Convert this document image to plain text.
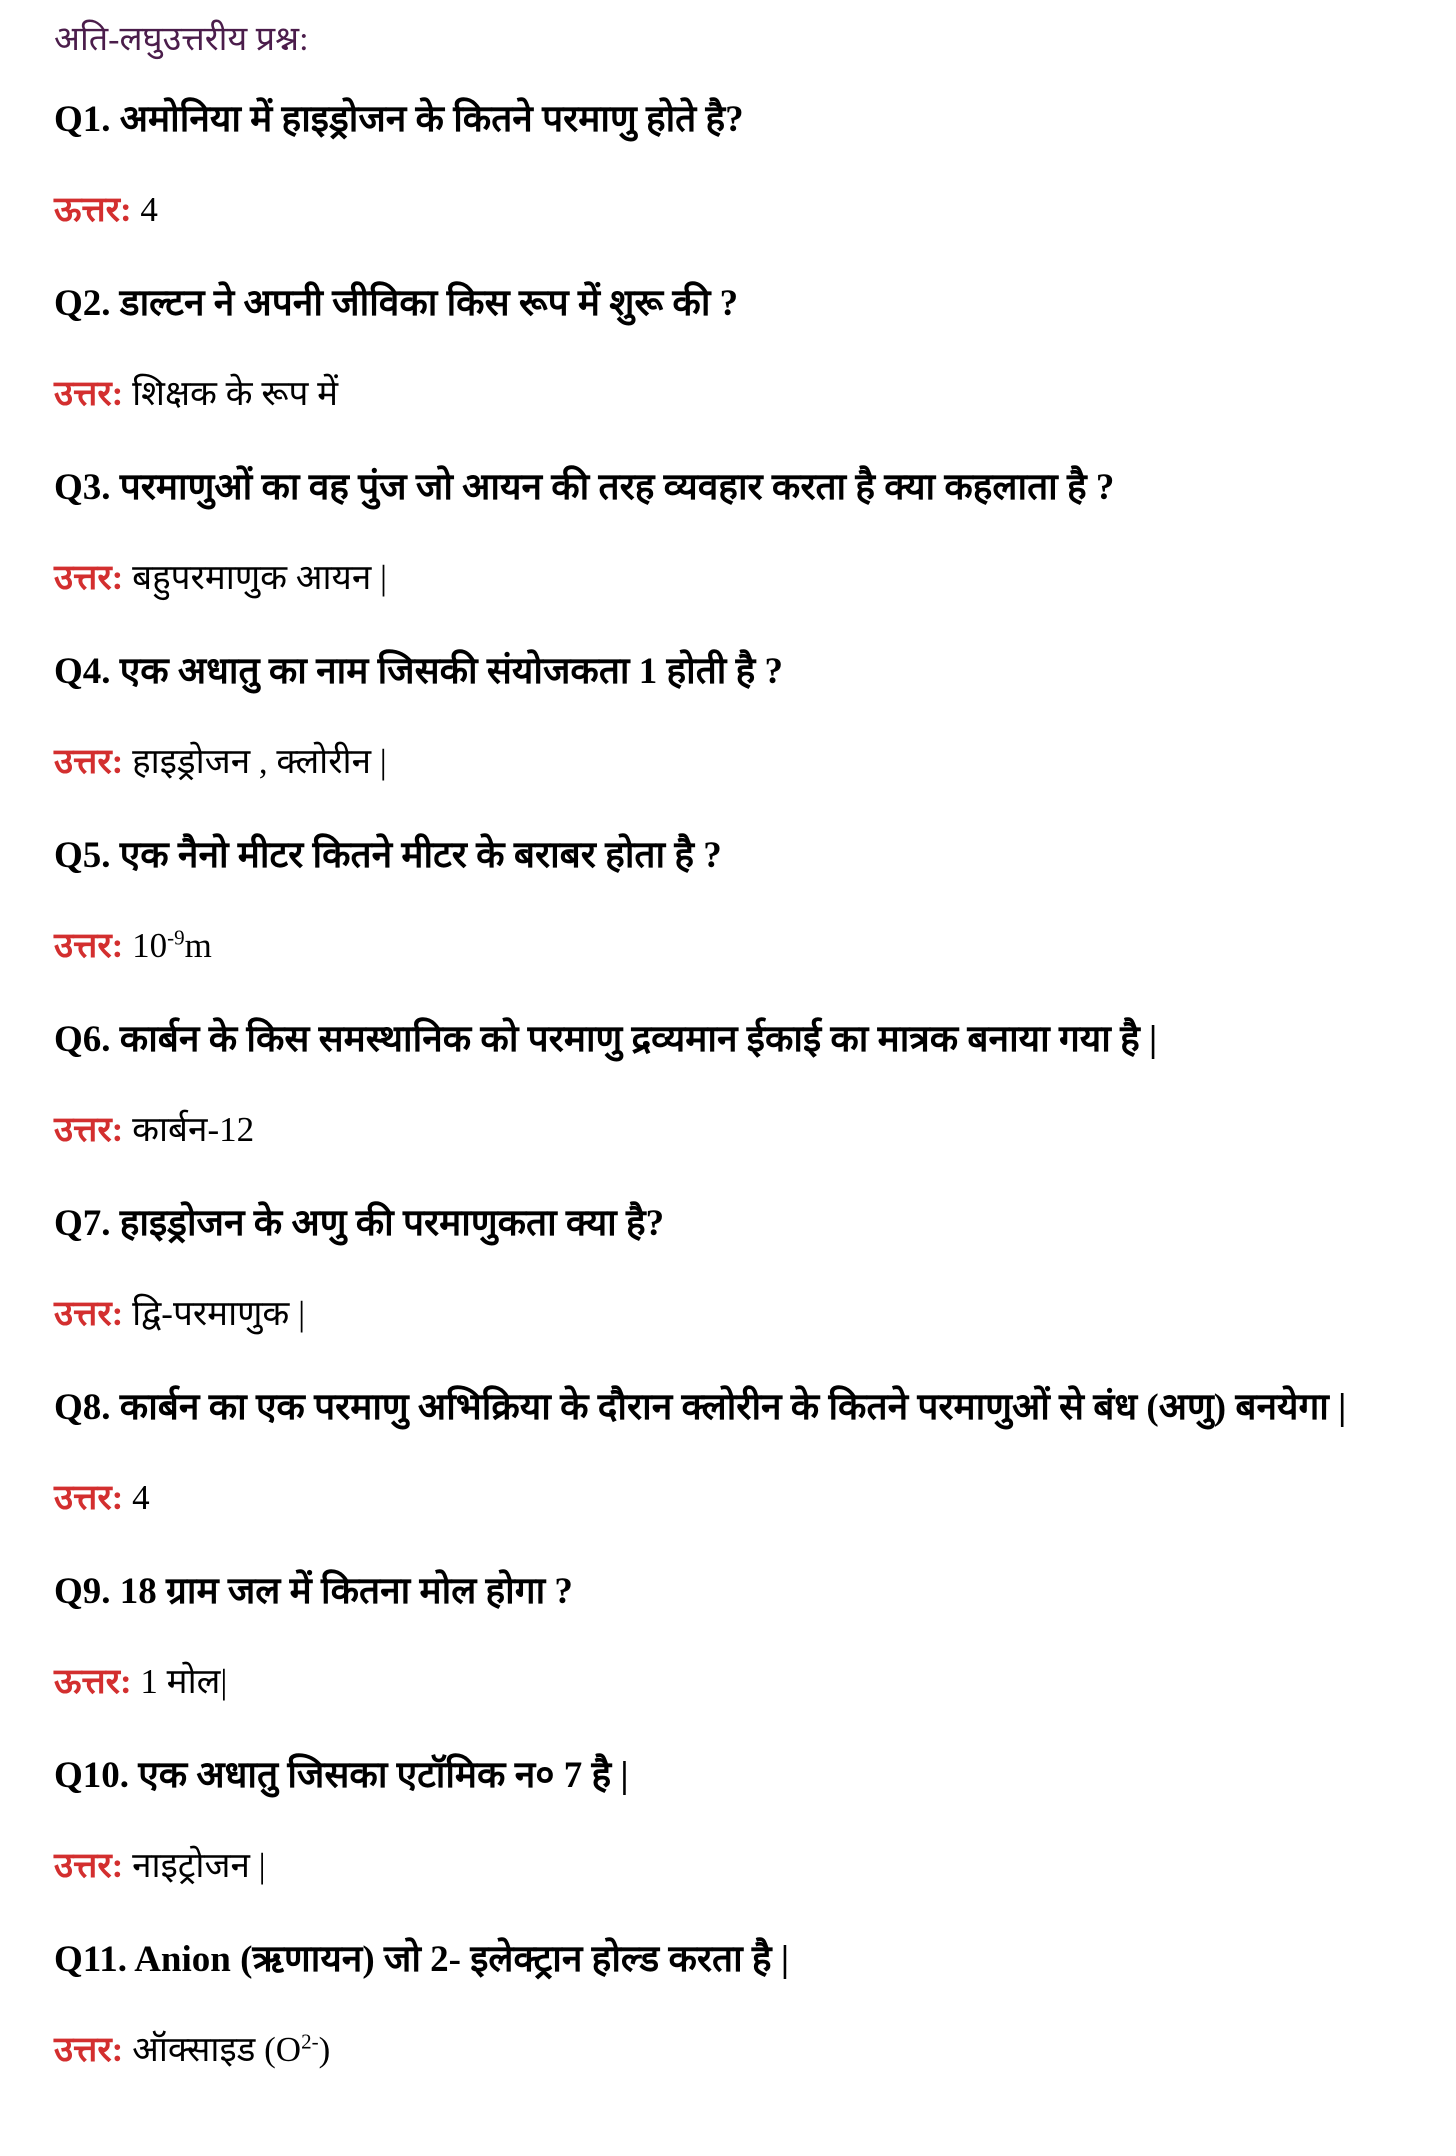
अति-लघुउत्तरीय प्रश्न:
Q1. अमोनिया में हाइड्रोजन के कितने परमाणु होते है?
ऊत्तर: 4
Q2. डाल्टन ने अपनी जीविका किस रूप में शुरू की ?
उत्तर: शिक्षक के रूप में
Q3. परमाणुओं का वह पुंज जो आयन की तरह व्यवहार करता है क्या कहलाता है ?
उत्तर: बहुपरमाणुक आयन |
Q4. एक अधातु का नाम जिसकी संयोजकता 1 होती है ?
उत्तर: हाइड्रोजन , क्लोरीन |
Q5. एक नैनो मीटर कितने मीटर के बराबर होता है ?
उत्तर: $10^{-9}m$
Q6. कार्बन के किस समस्थानिक को परमाणु द्रव्यमान ईकाई का मात्रक बनाया गया है |
उत्तर: कार्बन-12
Q7. हाइड्रोजन के अणु की परमाणुकता क्या है?
उत्तर: द्वि-परमाणुक |
Q8. कार्बन का एक परमाणु अभिक्रिया के दौरान क्लोरीन के कितने परमाणुओं से बंध (अणु) बनयेगा |
उत्तर: 4
Q9. 18 ग्राम जल में कितना मोल होगा ?
ऊत्तर: 1 मोल|
Q10. एक अधातु जिसका एटॉमिक न० 7 है |
उत्तर: नाइट्रोजन |
Q11. Anion (ऋणायन) जो 2- इलेक्ट्रान होल्ड करता है |
उत्तर: ऑक्साइड $(O^{2-})$
